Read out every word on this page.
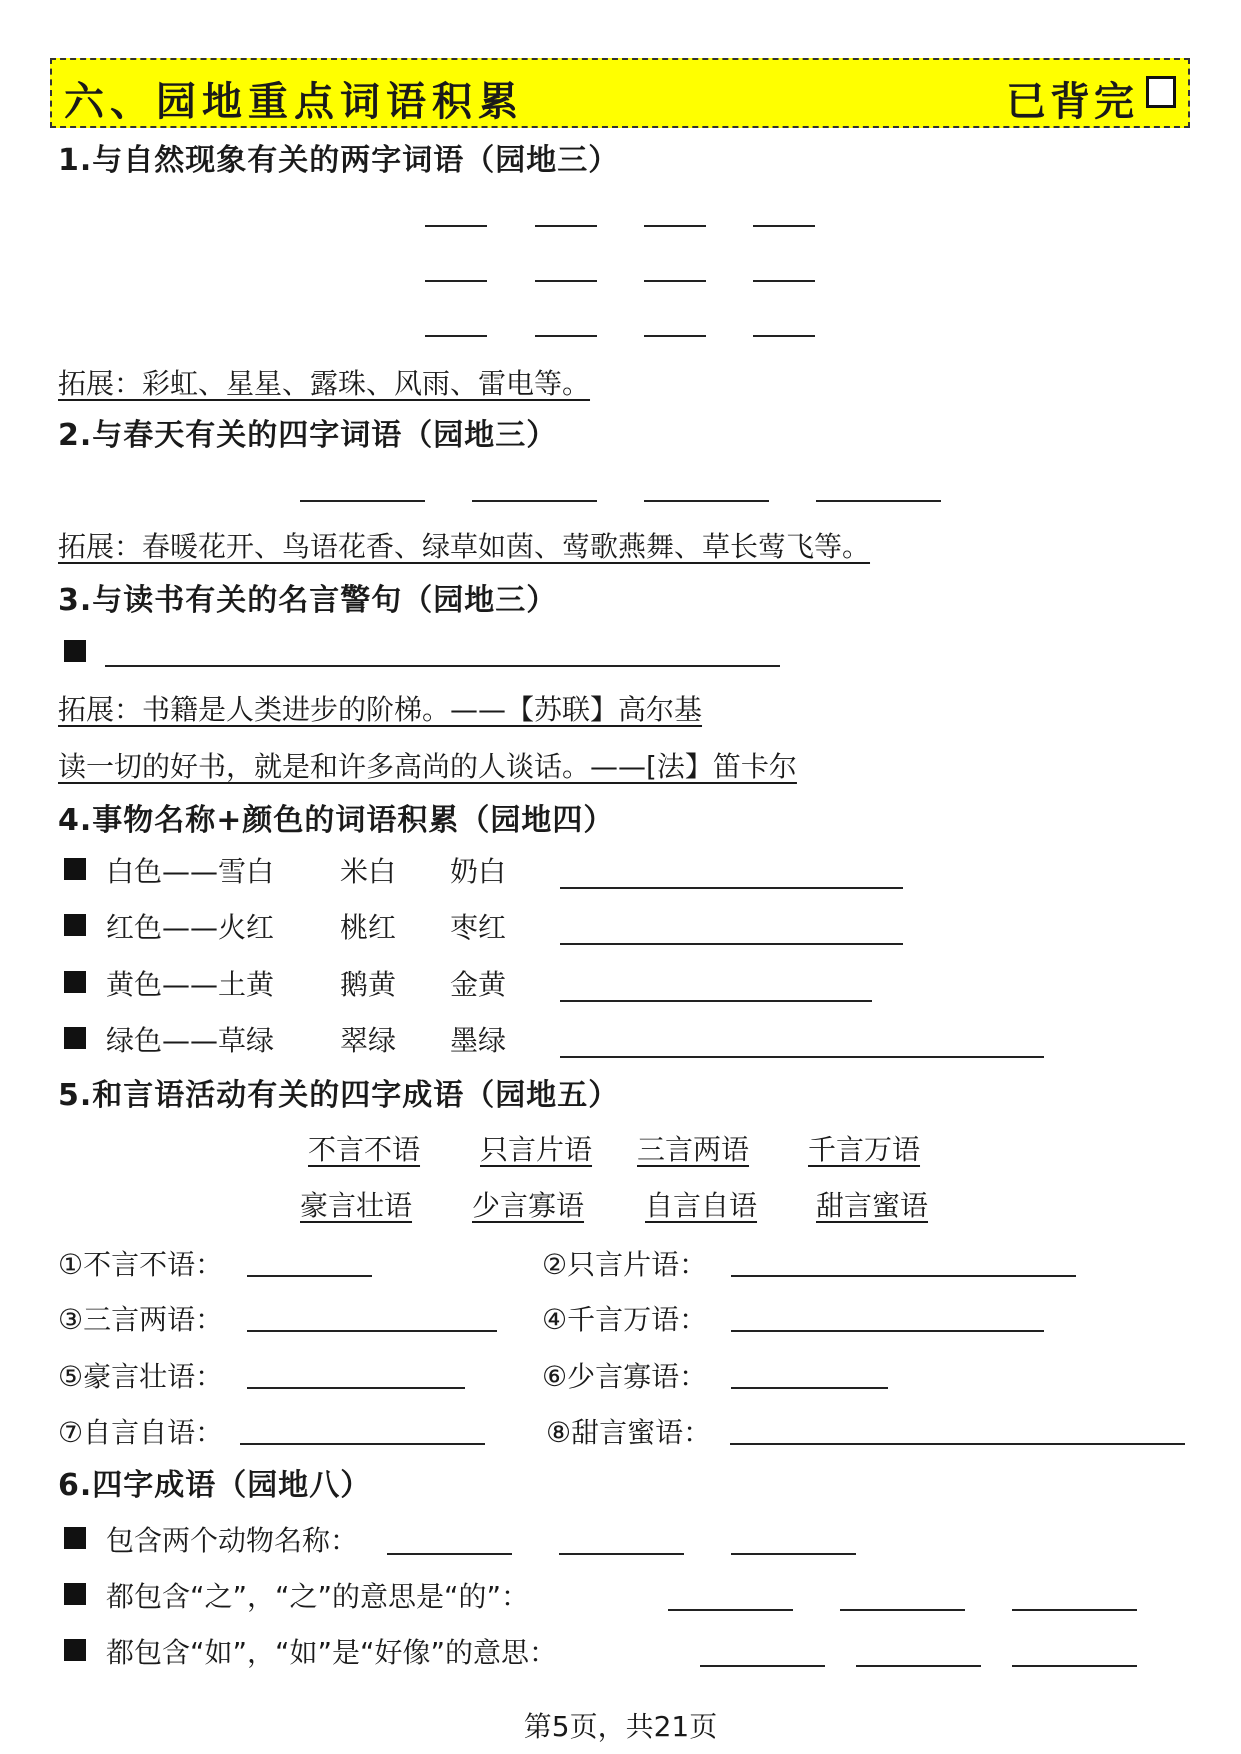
六、园地重点词语积累	已背完
1.与自然现象有关的两字词语（园地三）
拓展：彩虹、星星、露珠、风雨、雷电等。
2.与春天有关的四字词语（园地三）
拓展：春暖花开、鸟语花香、绿草如茵、莺歌燕舞、草长莺飞等。
3.与读书有关的名言警句（园地三）
拓展：书籍是人类进步的阶梯。——【苏联】高尔基
读一切的好书，就是和许多高尚的人谈话。——[法】笛卡尔
4.事物名称+颜色的词语积累（园地四）
白色——雪白 米白 奶白
红色——火红 桃红 枣红
黄色——土黄 鹅黄 金黄
绿色——草绿 翠绿 墨绿
5.和言语活动有关的四字成语（园地五）
不言不语 只言片语 三言两语 千言万语
豪言壮语 少言寡语 自言自语 甜言蜜语
①不言不语：	②只言片语：
③三言两语：	④千言万语：
⑤豪言壮语：	⑥少言寡语：
⑦自言自语：	⑧甜言蜜语：
6.四字成语（园地八）
包含两个动物名称：
都包含“之”，“之”的意思是“的”：
都包含“如”，“如”是“好像”的意思：
第5页，共21页
